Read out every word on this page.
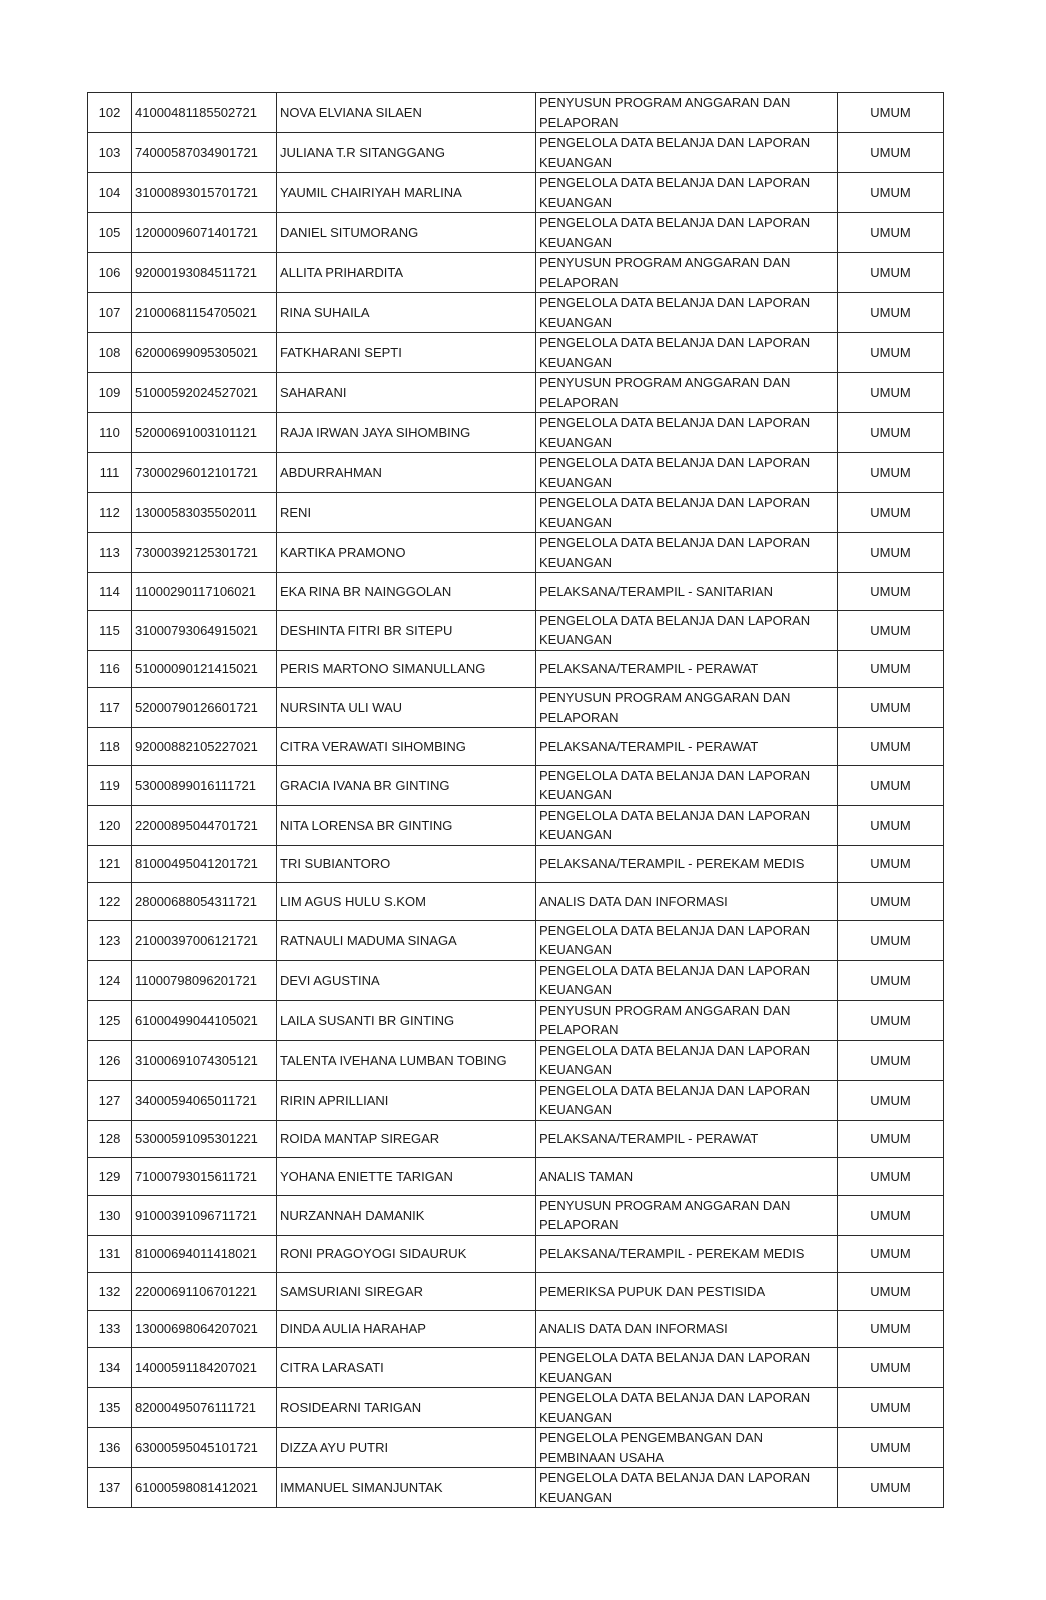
102	41000481185502721	NOVA ELVIANA SILAEN	PENYUSUN PROGRAM ANGGARAN DAN PELAPORAN	UMUM
103	74000587034901721	JULIANA T.R SITANGGANG	PENGELOLA DATA BELANJA DAN LAPORAN KEUANGAN	UMUM
104	31000893015701721	YAUMIL CHAIRIYAH MARLINA	PENGELOLA DATA BELANJA DAN LAPORAN KEUANGAN	UMUM
105	12000096071401721	DANIEL SITUMORANG	PENGELOLA DATA BELANJA DAN LAPORAN KEUANGAN	UMUM
106	92000193084511721	ALLITA PRIHARDITA	PENYUSUN PROGRAM ANGGARAN DAN PELAPORAN	UMUM
107	21000681154705021	RINA SUHAILA	PENGELOLA DATA BELANJA DAN LAPORAN KEUANGAN	UMUM
108	62000699095305021	FATKHARANI SEPTI	PENGELOLA DATA BELANJA DAN LAPORAN KEUANGAN	UMUM
109	51000592024527021	SAHARANI	PENYUSUN PROGRAM ANGGARAN DAN PELAPORAN	UMUM
110	52000691003101121	RAJA IRWAN JAYA SIHOMBING	PENGELOLA DATA BELANJA DAN LAPORAN KEUANGAN	UMUM
111	73000296012101721	ABDURRAHMAN	PENGELOLA DATA BELANJA DAN LAPORAN KEUANGAN	UMUM
112	13000583035502011	RENI	PENGELOLA DATA BELANJA DAN LAPORAN KEUANGAN	UMUM
113	73000392125301721	KARTIKA PRAMONO	PENGELOLA DATA BELANJA DAN LAPORAN KEUANGAN	UMUM
114	11000290117106021	EKA RINA BR NAINGGOLAN	PELAKSANA/TERAMPIL - SANITARIAN	UMUM
115	31000793064915021	DESHINTA FITRI BR SITEPU	PENGELOLA DATA BELANJA DAN LAPORAN KEUANGAN	UMUM
116	51000090121415021	PERIS MARTONO SIMANULLANG	PELAKSANA/TERAMPIL - PERAWAT	UMUM
117	52000790126601721	NURSINTA ULI WAU	PENYUSUN PROGRAM ANGGARAN DAN PELAPORAN	UMUM
118	92000882105227021	CITRA VERAWATI SIHOMBING	PELAKSANA/TERAMPIL - PERAWAT	UMUM
119	53000899016111721	GRACIA IVANA BR GINTING	PENGELOLA DATA BELANJA DAN LAPORAN KEUANGAN	UMUM
120	22000895044701721	NITA LORENSA BR GINTING	PENGELOLA DATA BELANJA DAN LAPORAN KEUANGAN	UMUM
121	81000495041201721	TRI SUBIANTORO	PELAKSANA/TERAMPIL - PEREKAM MEDIS	UMUM
122	28000688054311721	LIM AGUS HULU S.KOM	ANALIS DATA DAN INFORMASI	UMUM
123	21000397006121721	RATNAULI MADUMA SINAGA	PENGELOLA DATA BELANJA DAN LAPORAN KEUANGAN	UMUM
124	11000798096201721	DEVI AGUSTINA	PENGELOLA DATA BELANJA DAN LAPORAN KEUANGAN	UMUM
125	61000499044105021	LAILA SUSANTI BR GINTING	PENYUSUN PROGRAM ANGGARAN DAN PELAPORAN	UMUM
126	31000691074305121	TALENTA IVEHANA LUMBAN TOBING	PENGELOLA DATA BELANJA DAN LAPORAN KEUANGAN	UMUM
127	34000594065011721	RIRIN APRILLIANI	PENGELOLA DATA BELANJA DAN LAPORAN KEUANGAN	UMUM
128	53000591095301221	ROIDA MANTAP SIREGAR	PELAKSANA/TERAMPIL - PERAWAT	UMUM
129	71000793015611721	YOHANA ENIETTE TARIGAN	ANALIS TAMAN	UMUM
130	91000391096711721	NURZANNAH DAMANIK	PENYUSUN PROGRAM ANGGARAN DAN PELAPORAN	UMUM
131	81000694011418021	RONI PRAGOYOGI SIDAURUK	PELAKSANA/TERAMPIL - PEREKAM MEDIS	UMUM
132	22000691106701221	SAMSURIANI SIREGAR	PEMERIKSA PUPUK DAN PESTISIDA	UMUM
133	13000698064207021	DINDA AULIA HARAHAP	ANALIS DATA DAN INFORMASI	UMUM
134	14000591184207021	CITRA LARASATI	PENGELOLA DATA BELANJA DAN LAPORAN KEUANGAN	UMUM
135	82000495076111721	ROSIDEARNI TARIGAN	PENGELOLA DATA BELANJA DAN LAPORAN KEUANGAN	UMUM
136	63000595045101721	DIZZA AYU PUTRI	PENGELOLA PENGEMBANGAN DAN PEMBINAAN USAHA	UMUM
137	61000598081412021	IMMANUEL SIMANJUNTAK	PENGELOLA DATA BELANJA DAN LAPORAN KEUANGAN	UMUM
